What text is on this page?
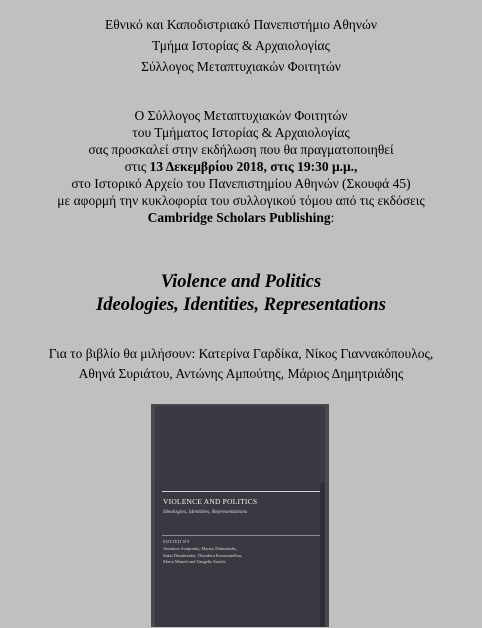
Εθνικό και Καποδιστριακό Πανεπιστήμιο Αθηνών
Τμήμα Ιστορίας & Αρχαιολογίας
Σύλλογος Μεταπτυχιακών Φοιτητών
Ο Σύλλογος Μεταπτυχιακών Φοιτητών
του Τμήματος Ιστορίας & Αρχαιολογίας
σας προσκαλεί στην εκδήλωση που θα πραγματοποιηθεί
στις 13 Δεκεμβρίου 2018, στις 19:30 μ.μ.,
στο Ιστορικό Αρχείο του Πανεπιστημίου Αθηνών (Σκουφά 45)
με αφορμή την κυκλοφορία του συλλογικού τόμου από τις εκδόσεις
Cambridge Scholars Publishing:
Violence and Politics
Ideologies, Identities, Representations
Για το βιβλίο θα μιλήσουν: Κατερίνα Γαρδίκα, Νίκος Γιαννακόπουλος,
Αθηνά Συριάτου, Αντώνης Αμπούτης, Μάριος Δημητριάδης
VIOLENCE AND POLITICS
Ideologies, Identities, Representations
EDITED BY
Antonios Aoupoutis, Marios Dimitriadis,
Sakis Dumitriadis, Theodora Konstantellou,
Maria Manoli and Vangelis Sarafis
